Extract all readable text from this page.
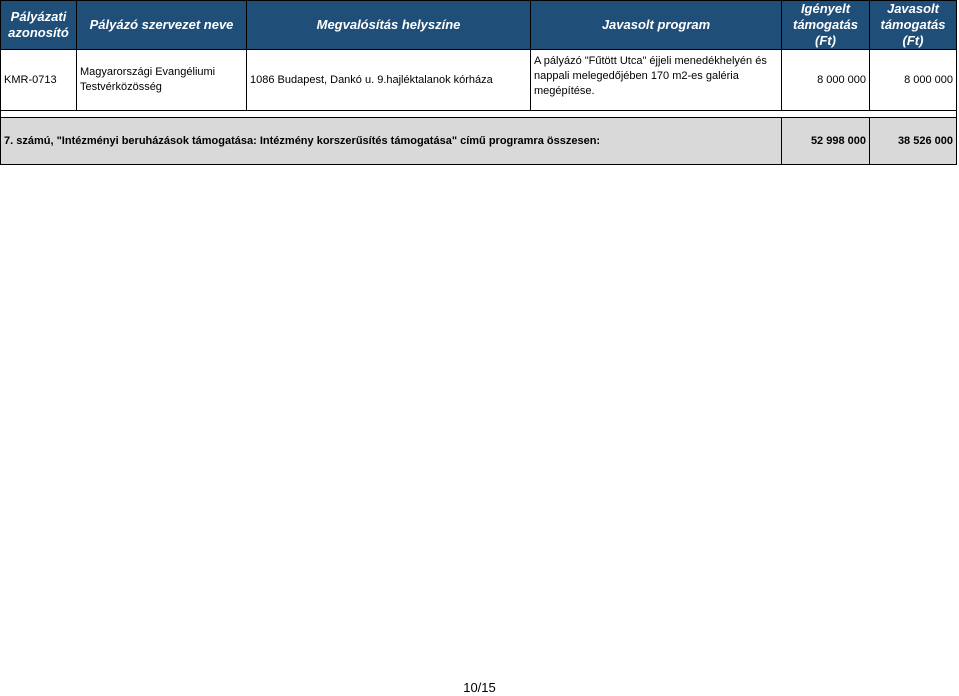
Pályázati azonosító	Pályázó szervezet neve	Megvalósítás helyszíne	Javasolt program	Igényelt támogatás (Ft)	Javasolt támogatás (Ft)
KMR-0713	Magyarországi Evangéliumi Testvérközösség	1086 Budapest, Dankó u. 9.hajléktalanok kórháza	A pályázó "Fűtött Utca" éjjeli menedékhelyén és nappali melegedőjében 170 m2-es galéria megépítése.	8 000 000	8 000 000

7. számú, "Intézményi beruházások támogatása: Intézmény korszerűsítés támogatása" című programra összesen:				52 998 000	38 526 000
10/15
